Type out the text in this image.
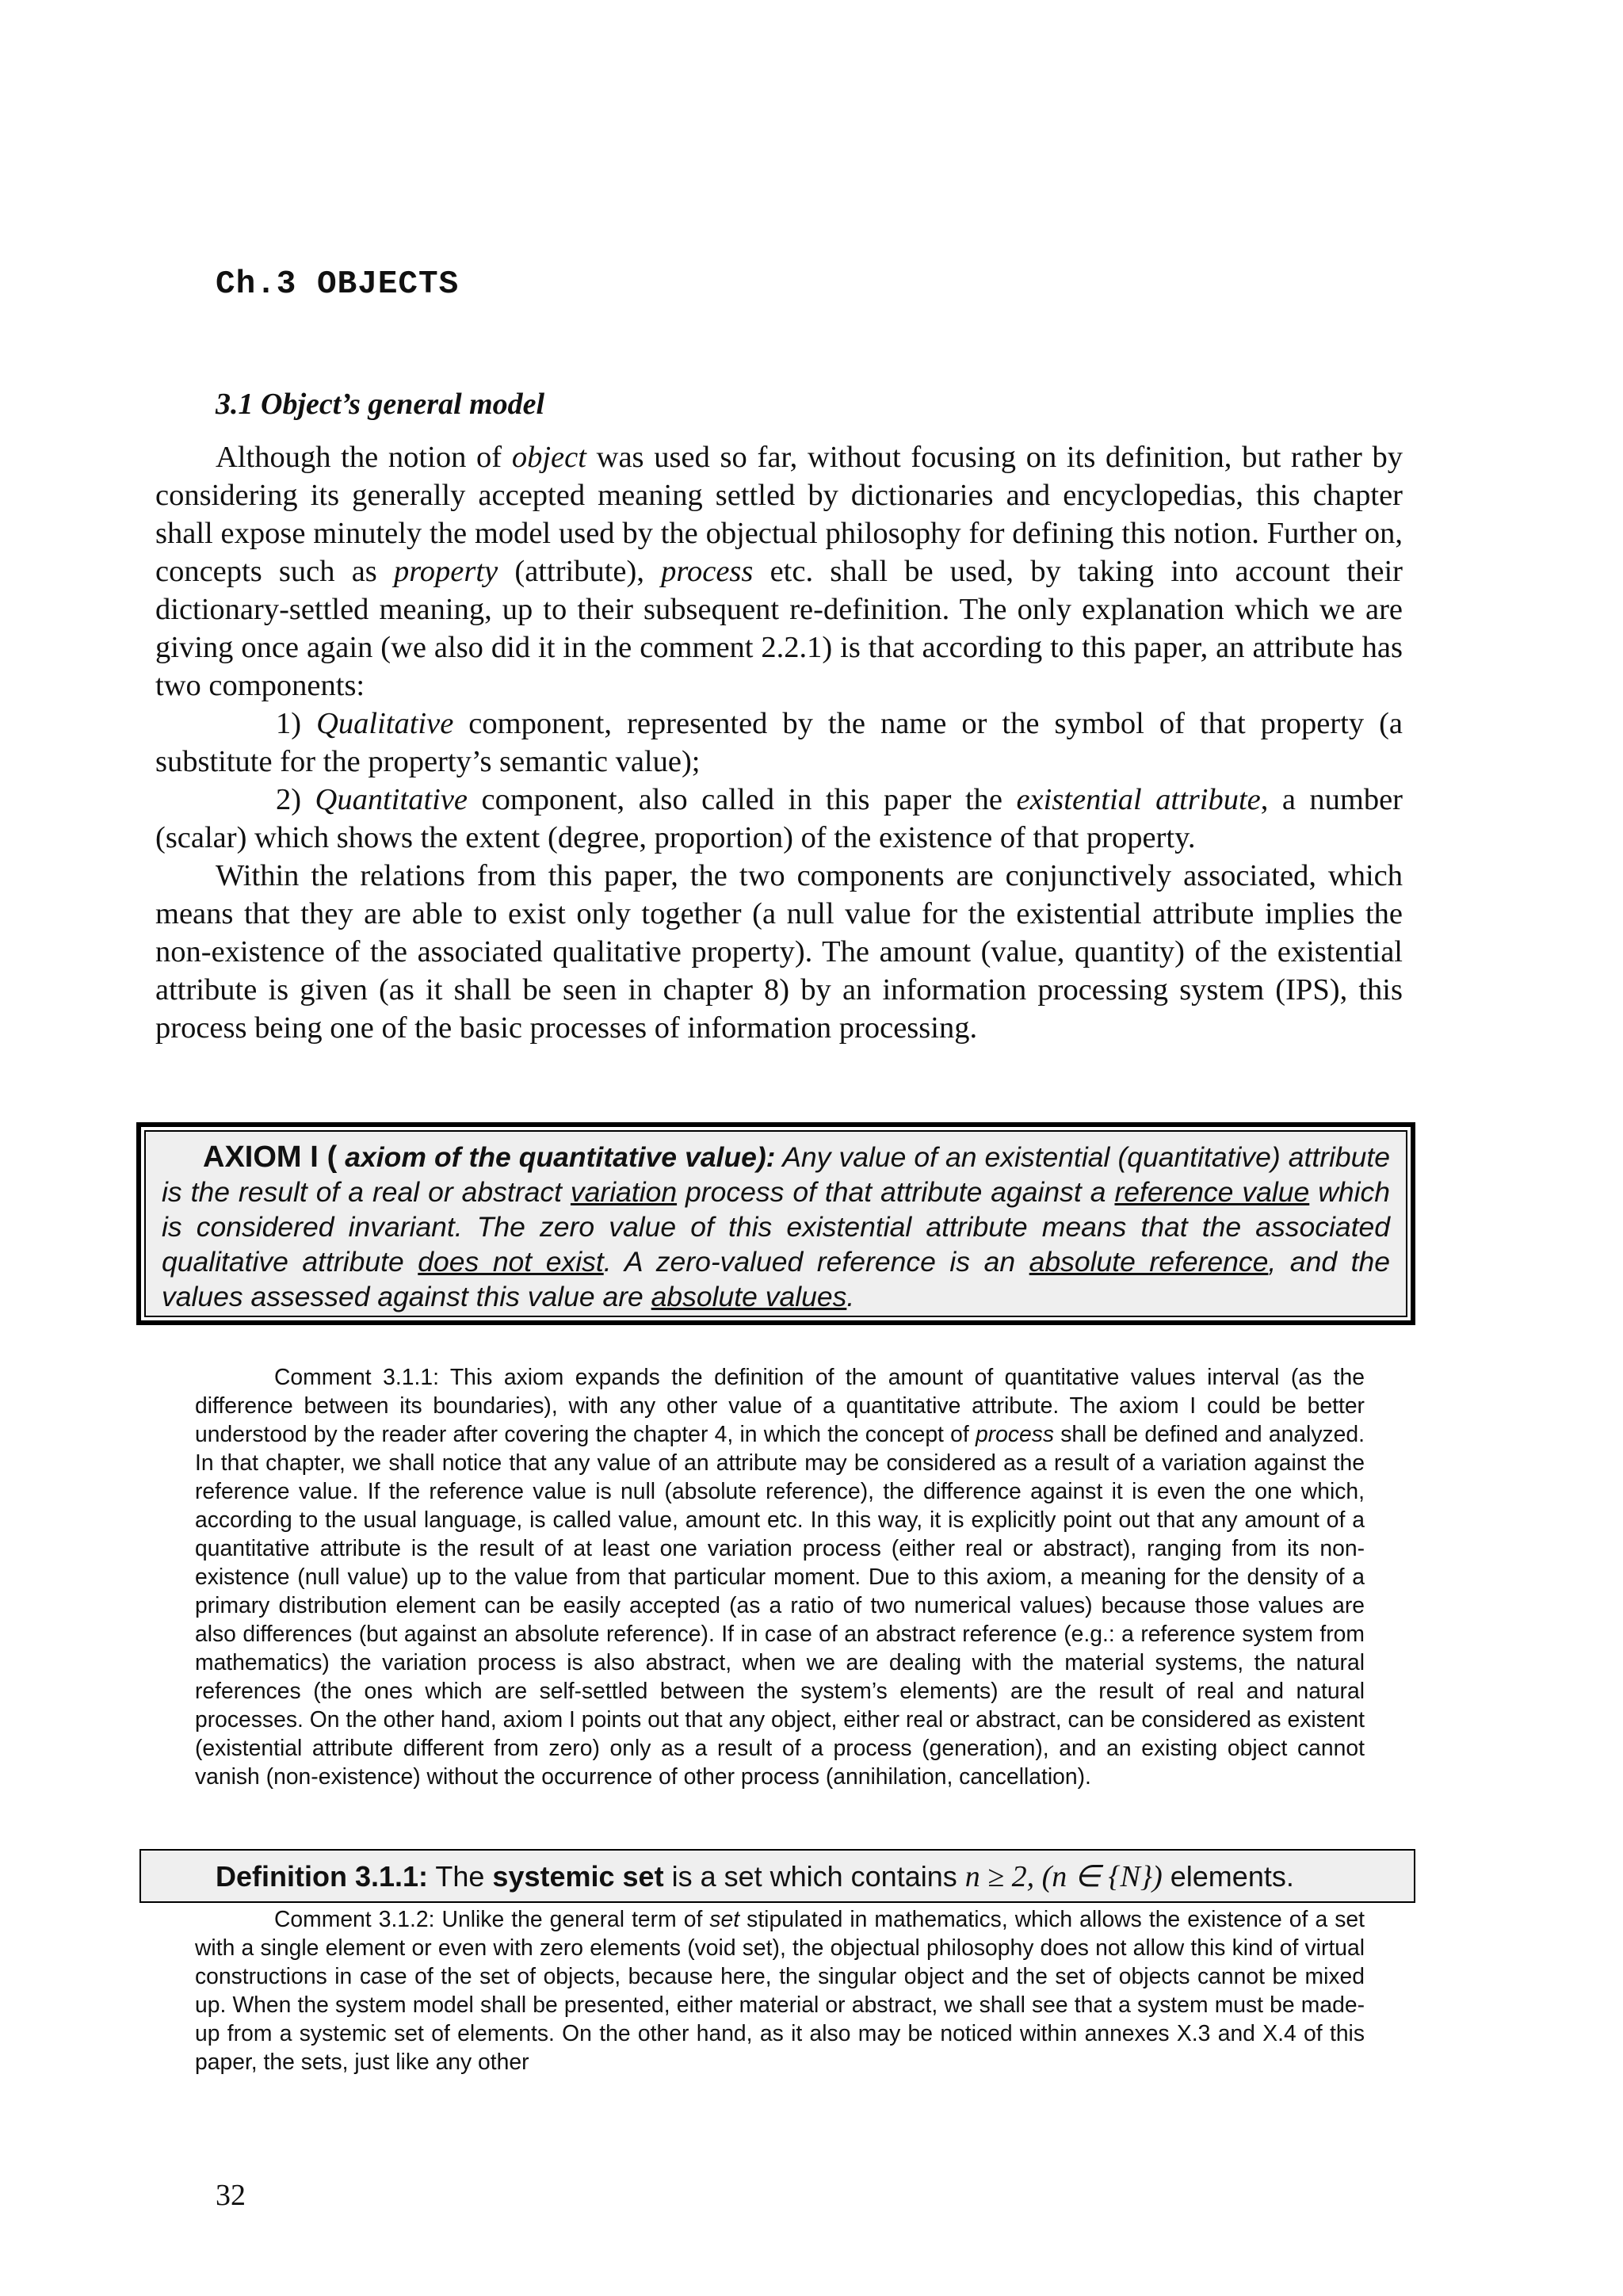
Ch.3 OBJECTS
3.1 Object’s general model

Although the notion of object was used so far, without focusing on its definition, but rather by considering its generally accepted meaning settled by dictionaries and encyclopedias, this chapter shall expose minutely the model used by the objectual philosophy for defining this notion. Further on, concepts such as property (attribute), process etc. shall be used, by taking into account their dictionary-settled meaning, up to their subsequent re-definition. The only explanation which we are giving once again (we also did it in the comment 2.2.1) is that according to this paper, an attribute has two components:

1) Qualitative component, represented by the name or the symbol of that property (a substitute for the property’s semantic value);

2) Quantitative component, also called in this paper the existential attribute, a number (scalar) which shows the extent (degree, proportion) of the existence of that property.

Within the relations from this paper, the two components are conjunctively associated, which means that they are able to exist only together (a null value for the existential attribute implies the non-existence of the associated qualitative property). The amount (value, quantity) of the existential attribute is given (as it shall be seen in chapter 8) by an information processing system (IPS), this process being one of the basic processes of information processing.

AXIOM I ( axiom of the quantitative value): Any value of an existential (quantitative) attribute is the result of a real or abstract variation process of that attribute against a reference value which is considered invariant. The zero value of this existential attribute means that the associated qualitative attribute does not exist. A zero-valued reference is an absolute reference, and the values assessed against this value are absolute values.

Comment 3.1.1: This axiom expands the definition of the amount of quantitative values interval (as the difference between its boundaries), with any other value of a quantitative attribute. The axiom I could be better understood by the reader after covering the chapter 4, in which the concept of process shall be defined and analyzed. In that chapter, we shall notice that any value of an attribute may be considered as a result of a variation against the reference value. If the reference value is null (absolute reference), the difference against it is even the one which, according to the usual language, is called value, amount etc. In this way, it is explicitly point out that any amount of a quantitative attribute is the result of at least one variation process (either real or abstract), ranging from its non-existence (null value) up to the value from that particular moment. Due to this axiom, a meaning for the density of a primary distribution element can be easily accepted (as a ratio of two numerical values) because those values are also differences (but against an absolute reference). If in case of an abstract reference (e.g.: a reference system from mathematics) the variation process is also abstract, when we are dealing with the material systems, the natural references (the ones which are self-settled between the system’s elements) are the result of real and natural processes. On the other hand, axiom I points out that any object, either real or abstract, can be considered as existent (existential attribute different from zero) only as a result of a process (generation), and an existing object cannot vanish (non-existence) without the occurrence of other process (annihilation, cancellation).

Definition 3.1.1: The systemic set is a set which contains n ≥ 2, (n ∈ {N}) elements.

Comment 3.1.2: Unlike the general term of set stipulated in mathematics, which allows the existence of a set with a single element or even with zero elements (void set), the objectual philosophy does not allow this kind of virtual constructions in case of the set of objects, because here, the singular object and the set of objects cannot be mixed up. When the system model shall be presented, either material or abstract, we shall see that a system must be made-up from a systemic set of elements. On the other hand, as it also may be noticed within annexes X.3 and X.4 of this paper, the sets, just like any other

32
